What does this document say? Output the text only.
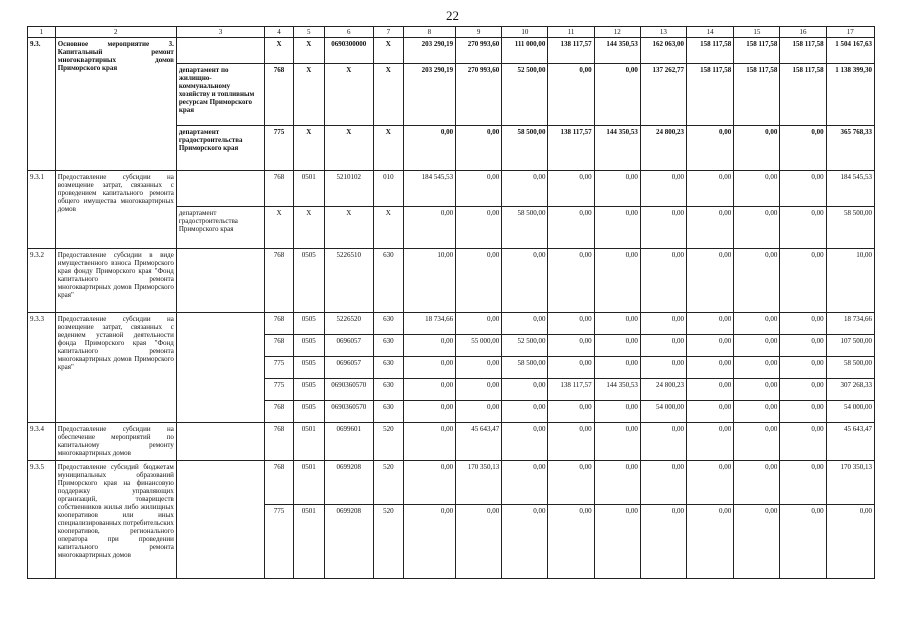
22
1	2	3	4	5	6	7	8	9	10	11	12	13	14	15	16	17
9.3.	Основное мероприятие 3. Капитальный ремонт многоквартирных домов Приморского края		X	X	0690300000	X	203 290,19	270 993,60	111 000,00	138 117,57	144 350,53	162 063,00	158 117,58	158 117,58	158 117,58	1 504 167,63
		департамент по жилищно-коммунальному хозяйству и топливным ресурсам Приморского края	768	X	X	X	203 290,19	270 993,60	52 500,00	0,00	0,00	137 262,77	158 117,58	158 117,58	158 117,58	1 138 399,30
		департамент градостроительства Приморского края	775	X	X	X	0,00	0,00	58 500,00	138 117,57	144 350,53	24 800,23	0,00	0,00	0,00	365 768,33
9.3.1	Предоставление субсидии на возмещение затрат, связанных с проведением капитального ремонта общего имущества многоквартирных домов		768	0501	5210102	010	184 545,53	0,00	0,00	0,00	0,00	0,00	0,00	0,00	0,00	184 545,53
		департамент градостроительства Приморского края	X	X	X	X	0,00	0,00	58 500,00	0,00	0,00	0,00	0,00	0,00	0,00	58 500,00
9.3.2	Предоставление субсидии в виде имущественного взноса Приморского края фонду Приморского края "Фонд капитального ремонта многоквартирных домов Приморского края"		768	0505	5226510	630	10,00	0,00	0,00	0,00	0,00	0,00	0,00	0,00	0,00	10,00
9.3.3	Предоставление субсидии на возмещение затрат, связанных с ведением уставной деятельности фонда Приморского края "Фонд капитального ремонта многоквартирных домов Приморского края"		768	0505	5226520	630	18 734,66	0,00	0,00	0,00	0,00	0,00	0,00	0,00	0,00	18 734,66
			768	0505	0696057	630	0,00	55 000,00	52 500,00	0,00	0,00	0,00	0,00	0,00	0,00	107 500,00
			775	0505	0696057	630	0,00	0,00	58 500,00	0,00	0,00	0,00	0,00	0,00	0,00	58 500,00
			775	0505	0690360570	630	0,00	0,00	0,00	138 117,57	144 350,53	24 800,23	0,00	0,00	0,00	307 268,33
			768	0505	0690360570	630	0,00	0,00	0,00	0,00	0,00	54 000,00	0,00	0,00	0,00	54 000,00
9.3.4	Предоставление субсидии на обеспечение мероприятий по капитальному ремонту многоквартирных домов		768	0501	0699601	520	0,00	45 643,47	0,00	0,00	0,00	0,00	0,00	0,00	0,00	45 643,47
9.3.5	Предоставление субсидий бюджетам муниципальных образований Приморского края на финансовую поддержку управляющих организаций, товариществ собственников жилья либо жилищных кооперативов или иных специализированных потребительских кооперативов, регионального оператора при проведении капитального ремонта многоквартирных домов		768	0501	0699208	520	0,00	170 350,13	0,00	0,00	0,00	0,00	0,00	0,00	0,00	170 350,13
			775	0501	0699208	520	0,00	0,00	0,00	0,00	0,00	0,00	0,00	0,00	0,00	0,00
